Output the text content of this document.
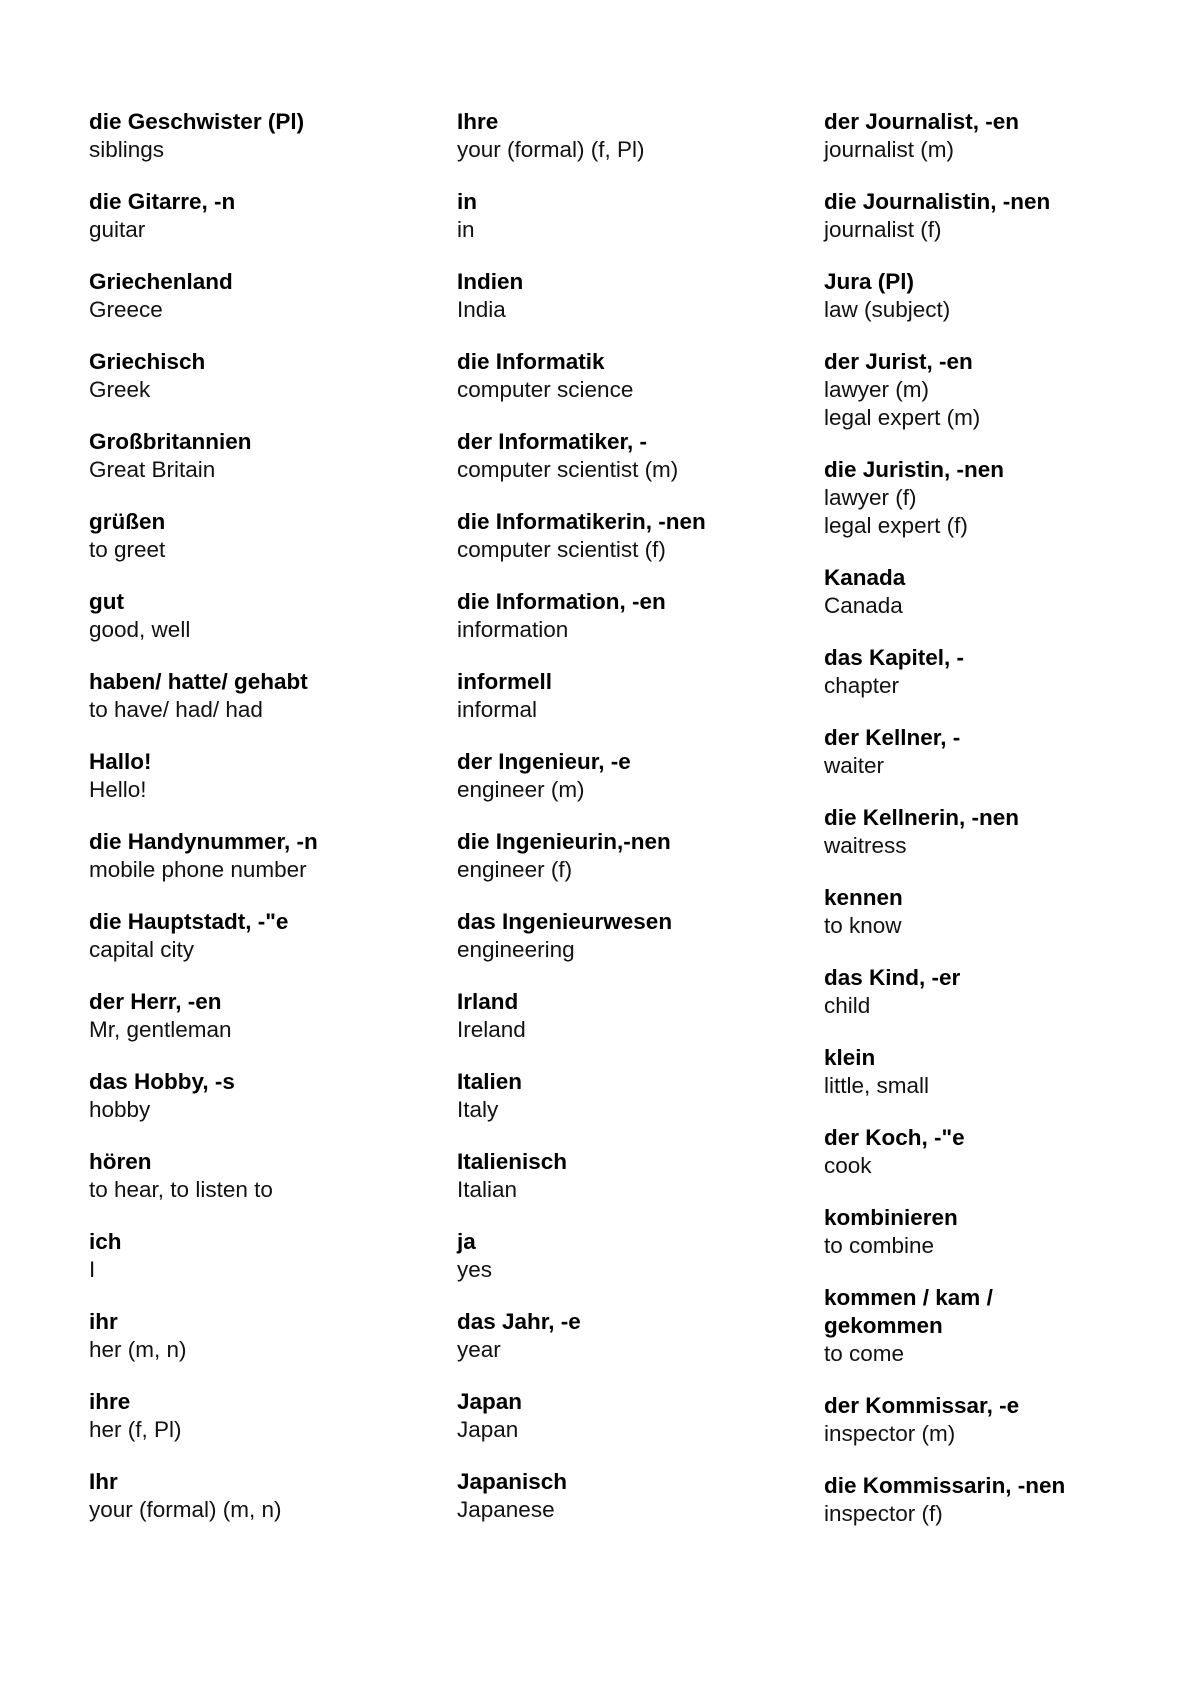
die Geschwister (Pl)
siblings
die Gitarre, -n
guitar
Griechenland
Greece
Griechisch
Greek
Großbritannien
Great Britain
grüßen
to greet
gut
good, well
haben/ hatte/ gehabt
to have/ had/ had
Hallo!
Hello!
die Handynummer, -n
mobile phone number
die Hauptstadt, -"e
capital city
der Herr, -en
Mr, gentleman
das Hobby, -s
hobby
hören
to hear, to listen to
ich
I
ihr
her (m, n)
ihre
her (f, Pl)
Ihr
your (formal) (m, n)
Ihre
your (formal) (f, Pl)
in
in
Indien
India
die Informatik
computer science
der Informatiker, -
computer scientist (m)
die Informatikerin, -nen
computer scientist (f)
die Information, -en
information
informell
informal
der Ingenieur, -e
engineer (m)
die Ingenieurin,-nen
engineer (f)
das Ingenieurwesen
engineering
Irland
Ireland
Italien
Italy
Italienisch
Italian
ja
yes
das Jahr, -e
year
Japan
Japan
Japanisch
Japanese
der Journalist, -en
journalist (m)
die Journalistin, -nen
journalist (f)
Jura (Pl)
law (subject)
der Jurist, -en
lawyer (m)
legal expert (m)
die Juristin, -nen
lawyer (f)
legal expert (f)
Kanada
Canada
das Kapitel, -
chapter
der Kellner, -
waiter
die Kellnerin, -nen
waitress
kennen
to know
das Kind, -er
child
klein
little, small
der Koch, -"e
cook
kombinieren
to combine
kommen / kam /
gekommen
to come
der Kommissar, -e
inspector (m)
die Kommissarin, -nen
inspector (f)
